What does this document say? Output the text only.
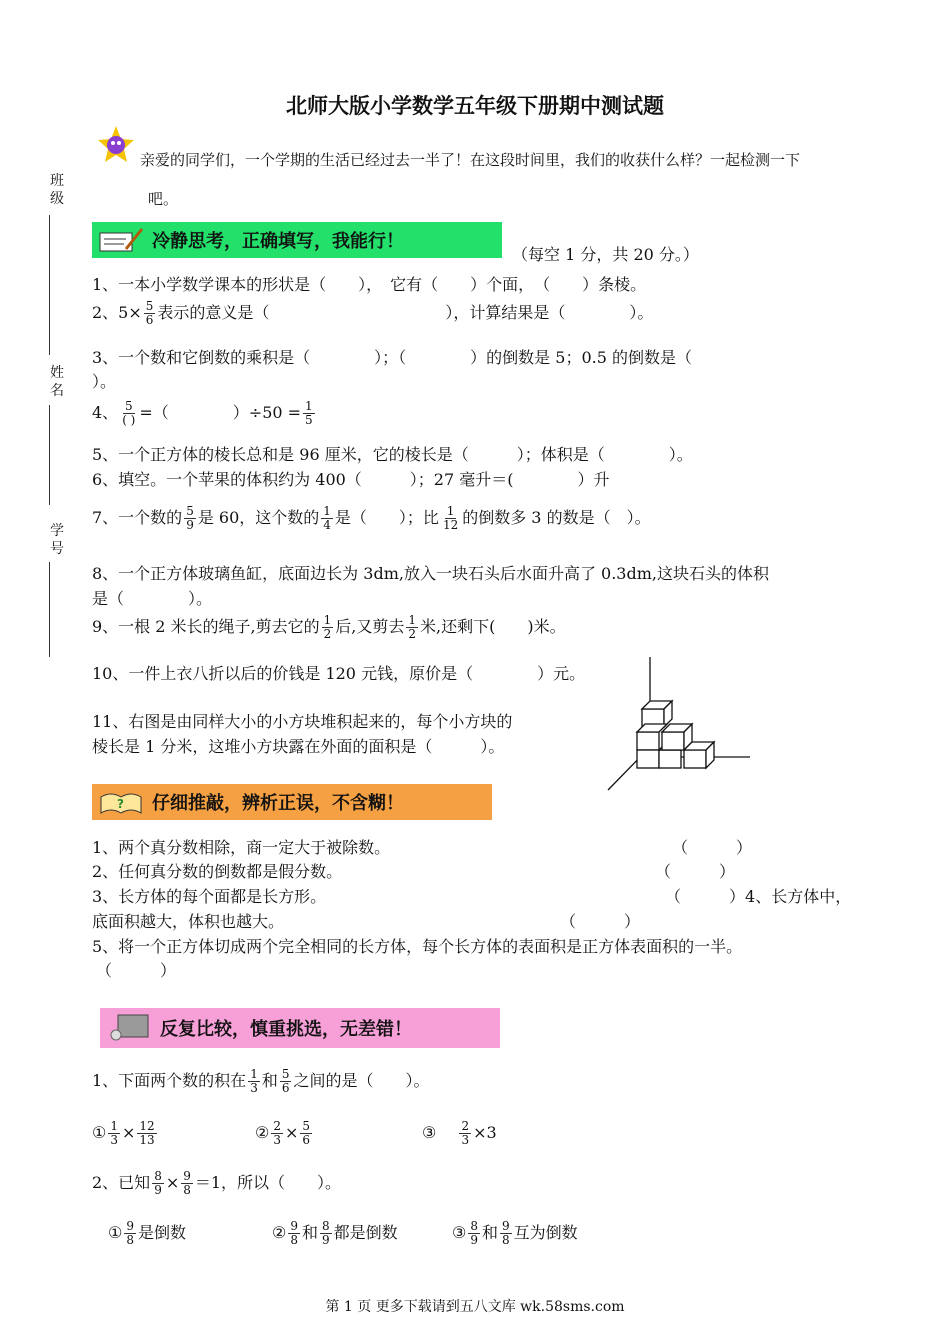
北师大版小学数学五年级下册期中测试题
班级
姓名
学号
亲爱的同学们，一个学期的生活已经过去一半了！在这段时间里，我们的收获什么样？一起检测一下
吧。
冷静思考，正确填写，我能行！
（每空 1 分，共 20 分。）
1、一本小学数学课本的形状是（　　），　它有（　　）个面，　（　　）条棱。
2、$5\times \frac{5}{6}$ 表示的意义是（　　　　　　　　　　　），计算结果是（　　　　）。
3、一个数和它倒数的乘积是（　　　　）；（　　　　）的倒数是 5；0.5 的倒数是（
）。
4、 $\frac{5}{( )}$ =（　　　　）$\div 50 = \frac{1}{5}$
5、一个正方体的棱长总和是 96 厘米，它的棱长是（　　　）；体积是（　　　　）。
6、填空。一个苹果的体积约为 400（　　　）；27 毫升＝(　　　　）升
7、一个数的 $\frac{5}{9}$ 是 60，这个数的 $\frac{1}{4}$ 是（　　）；比 $\frac{1}{12}$ 的倒数多 3 的数是（　）。
8、一个正方体玻璃鱼缸，底面边长为 3dm,放入一块石头后水面升高了 0.3dm,这块石头的体积
是（　　　　）。
9、一根 2 米长的绳子,剪去它的 $\frac{1}{2}$ 后,又剪去 $\frac{1}{2}$ 米,还剩下(　　)米。
10、一件上衣八折以后的价钱是 120 元钱，原价是（　　　　）元。
11、右图是由同样大小的小方块堆积起来的，每个小方块的
棱长是 1 分米，这堆小方块露在外面的面积是（　　　）。
? 仔细推敲，辨析正误，不含糊！
1、两个真分数相除，商一定大于被除数。	（　　　）
2、任何真分数的倒数都是假分数。	（　　　）
3、长方体的每个面都是长方形。	（　　　）4、长方体中，
底面积越大，体积也越大。	（　　　）
5、将一个正方体切成两个完全相同的长方体，每个长方体的表面积是正方体表面积的一半。
（　　　）
反复比较，慎重挑选，无差错！
1、下面两个数的积在 $\frac{1}{3}$ 和 $\frac{5}{6}$ 之间的是（　　）。
① $\frac{1}{3} \times \frac{12}{13}$	② $\frac{2}{3} \times \frac{5}{6}$	③　 $\frac{2}{3} \times 3$
2、已知 $\frac{8}{9} \times \frac{9}{8} =1$，所以（　　）。
① $\frac{9}{8}$ 是倒数	② $\frac{9}{8}$ 和 $\frac{8}{9}$ 都是倒数	③ $\frac{8}{9}$ 和 $\frac{9}{8}$ 互为倒数
第 1 页 更多下载请到五八文库 wk.58sms.com
